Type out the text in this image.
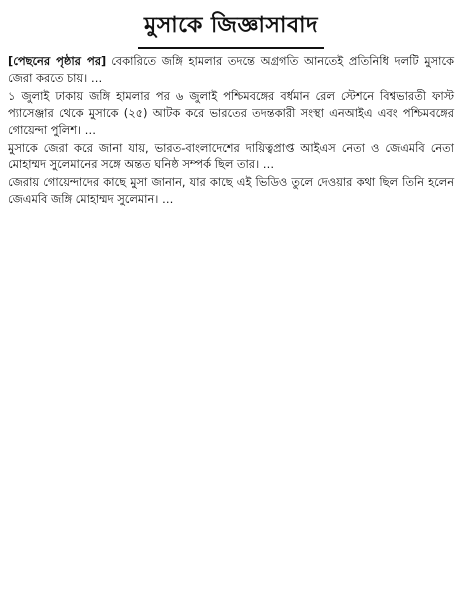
মুসাকে জিজ্ঞাসাবাদ

[পেছনের পৃষ্ঠার পর] বেকারিতে জঙ্গি হামলার তদন্তে অগ্রগতি আনতেই প্রতিনিধি দলটি মুসাকে জেরা করতে চায়। …

১ জুলাই ঢাকায় জঙ্গি হামলার পর ৬ জুলাই পশ্চিমবঙ্গের বর্ধমান রেল স্টেশনে বিশ্বভারতী ফাস্ট প্যাসেঞ্জার থেকে মুসাকে (২৫) আটক করে ভারতের তদন্তকারী সংস্থা এনআইএ এবং পশ্চিমবঙ্গের গোয়েন্দা পুলিশ। …

মুসাকে জেরা করে জানা যায়, ভারত-বাংলাদেশের দায়িত্বপ্রাপ্ত আইএস নেতা ও জেএমবি নেতা মোহাম্মদ সুলেমানের সঙ্গে অন্তত ঘনিষ্ঠ সম্পর্ক ছিল তার। …

জেরায় গোয়েন্দাদের কাছে মুসা জানান, যার কাছে এই ভিডিও তুলে দেওয়ার কথা ছিল তিনি হলেন জেএমবি জঙ্গি মোহাম্মদ সুলেমান। …
